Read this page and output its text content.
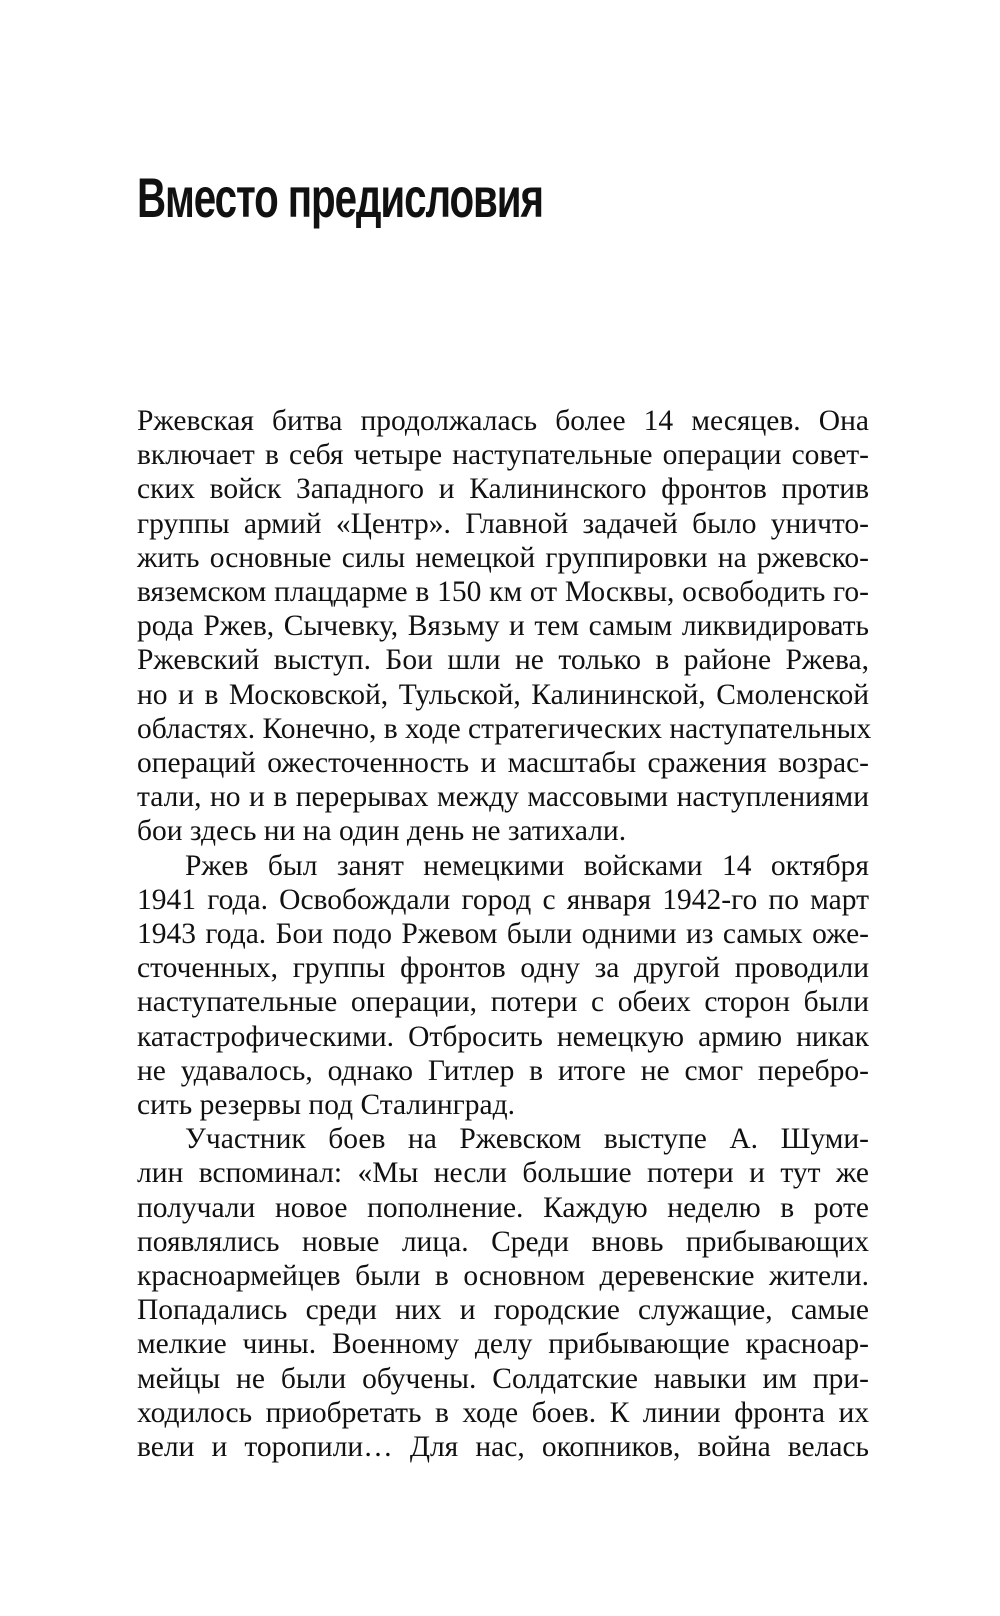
Вместо предисловия

Ржевская битва продолжалась более 14 месяцев. Она
включает в себя четыре наступательные операции совет-
ских войск Западного и Калининского фронтов против
группы армий «Центр». Главной задачей было уничто-
жить основные силы немецкой группировки на ржевско-
вяземском плацдарме в 150 км от Москвы, освободить го-
рода Ржев, Сычевку, Вязьму и тем самым ликвидировать
Ржевский выступ. Бои шли не только в районе Ржева,
но и в Московской, Тульской, Калининской, Смоленской
областях. Конечно, в ходе стратегических наступательных
операций ожесточенность и масштабы сражения возрас-
тали, но и в перерывах между массовыми наступлениями
бои здесь ни на один день не затихали.

Ржев был занят немецкими войсками 14 октября
1941 года. Освобождали город с января 1942-го по март
1943 года. Бои подо Ржевом были одними из самых оже-
сточенных, группы фронтов одну за другой проводили
наступательные операции, потери с обеих сторон были
катастрофическими. Отбросить немецкую армию никак
не удавалось, однако Гитлер в итоге не смог перебро-
сить резервы под Сталинград.

Участник боев на Ржевском выступе А. Шуми-
лин вспоминал: «Мы несли большие потери и тут же
получали новое пополнение. Каждую неделю в роте
появлялись новые лица. Среди вновь прибывающих
красноармейцев были в основном деревенские жители.
Попадались среди них и городские служащие, самые
мелкие чины. Военному делу прибывающие красноар-
мейцы не были обучены. Солдатские навыки им при-
ходилось приобретать в ходе боев. К линии фронта их
вели и торопили… Для нас, окопников, война велась
